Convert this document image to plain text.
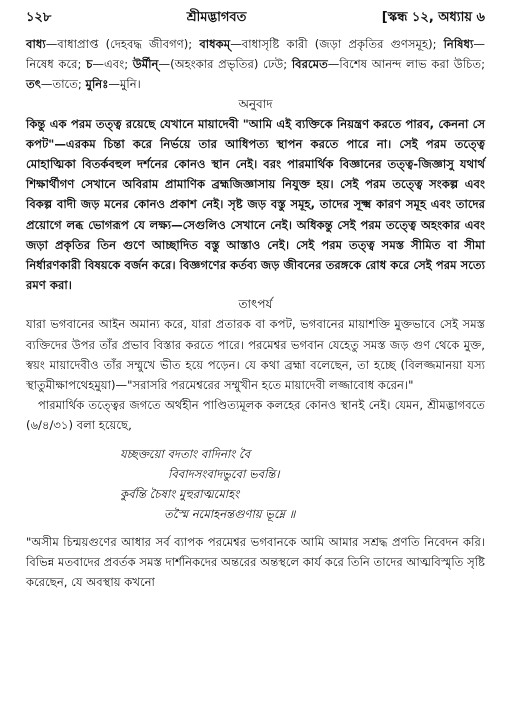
১২৮	শ্রীমদ্ভাগবত	[স্কন্ধ ১২, অধ্যায় ৬

বাধ্য—বাধাপ্রাপ্ত (দেহবদ্ধ জীবগণ); বাধকম্—বাধাসৃষ্টি কারী (জড়া প্রকৃতির গুণসমূহ); নিষিধ্য—নিষেধ করে; চ—এবং; উর্মীন্—(অহংকার প্রভৃতির) ঢেউ; বিরমেত—বিশেষ আনন্দ লাভ করা উচিত; তৎ—তাতে; মুনিঃ—মুনি।

অনুবাদ

কিন্তু এক পরম তত্ত্ব রয়েছে যেখানে মায়াদেবী "আমি এই ব্যক্তিকে নিয়ন্ত্রণ করতে পারব, কেননা সে কপট"—এরকম চিন্তা করে নির্ভয়ে তার আধিপত্য স্থাপন করতে পারে না। সেই পরম তত্ত্বে মোহাত্মিকা বিতর্কবহুল দর্শনের কোনও স্থান নেই। বরং পারমার্থিক বিজ্ঞানের তত্ত্ব-জিজ্ঞাসু যথার্থ শিক্ষার্থীগণ সেখানে অবিরাম প্রামাণিক ব্রহ্মজিজ্ঞাসায় নিযুক্ত হয়। সেই পরম তত্ত্বে সংকল্প এবং বিকল্প বাদী জড় মনের কোনও প্রকাশ নেই। সৃষ্ট জড় বস্তু সমূহ, তাদের সূক্ষ্ম কারণ সমূহ এবং তাদের প্রয়োগে লব্ধ ভোগরূপ যে লক্ষ্য—সেগুলিও সেখানে নেই। অধিকন্তু সেই পরম তত্ত্বে অহংকার এবং জড়া প্রকৃতির তিন গুণে আচ্ছাদিত বস্তু আস্তাও নেই। সেই পরম তত্ত্ব সমস্ত সীমিত বা সীমা নির্ধারণকারী বিষয়কে বর্জন করে। বিজ্ঞগণের কর্তব্য জড় জীবনের তরঙ্গকে রোধ করে সেই পরম সত্যে রমণ করা।

তাৎপর্য

যারা ভগবানের আইন অমান্য করে, যারা প্রতারক বা কপট, ভগবানের মায়াশক্তি মুক্তভাবে সেই সমস্ত ব্যক্তিদের উপর তাঁর প্রভাব বিস্তার করতে পারে। পরমেশ্বর ভগবান যেহেতু সমস্ত জড় গুণ থেকে মুক্ত, স্বয়ং মায়াদেবীও তাঁর সম্মুখে ভীত হয়ে পড়েন। যে কথা ব্রহ্মা বলেছেন, তা হচ্ছে (বিলজ্জমানয়া যস্য স্থাতুমীক্ষাপথেহমুয়া)—"সরাসরি পরমেশ্বরের সম্মুখীন হতে মায়াদেবী লজ্জাবোধ করেন।"

পারমার্থিক তত্ত্বের জগতে অর্থহীন পাণ্ডিত্যমূলক কলহের কোনও স্থানই নেই। যেমন, শ্রীমদ্ভাগবতে (৬/৪/৩১) বলা হয়েছে,

যচ্ছক্তয়ো বদতাং বাদিনাং বৈ
বিবাদসংবাদভুবো ভবন্তি।
কুর্বন্তি চৈষাং মুহুরাত্মমোহং
তস্মৈ নমোহনন্তগুণায় ভূম্নে ॥

"অসীম চিন্ময়গুণের আধার সর্ব ব্যাপক পরমেশ্বর ভগবানকে আমি আমার সশ্রদ্ধ প্রণতি নিবেদন করি। বিভিন্ন মতবাদের প্রবর্তক সমস্ত দার্শনিকদের অন্তরের অন্তস্থলে কার্য করে তিনি তাদের আত্মবিস্মৃতি সৃষ্টি করেছেন, যে অবস্থায় কখনো
